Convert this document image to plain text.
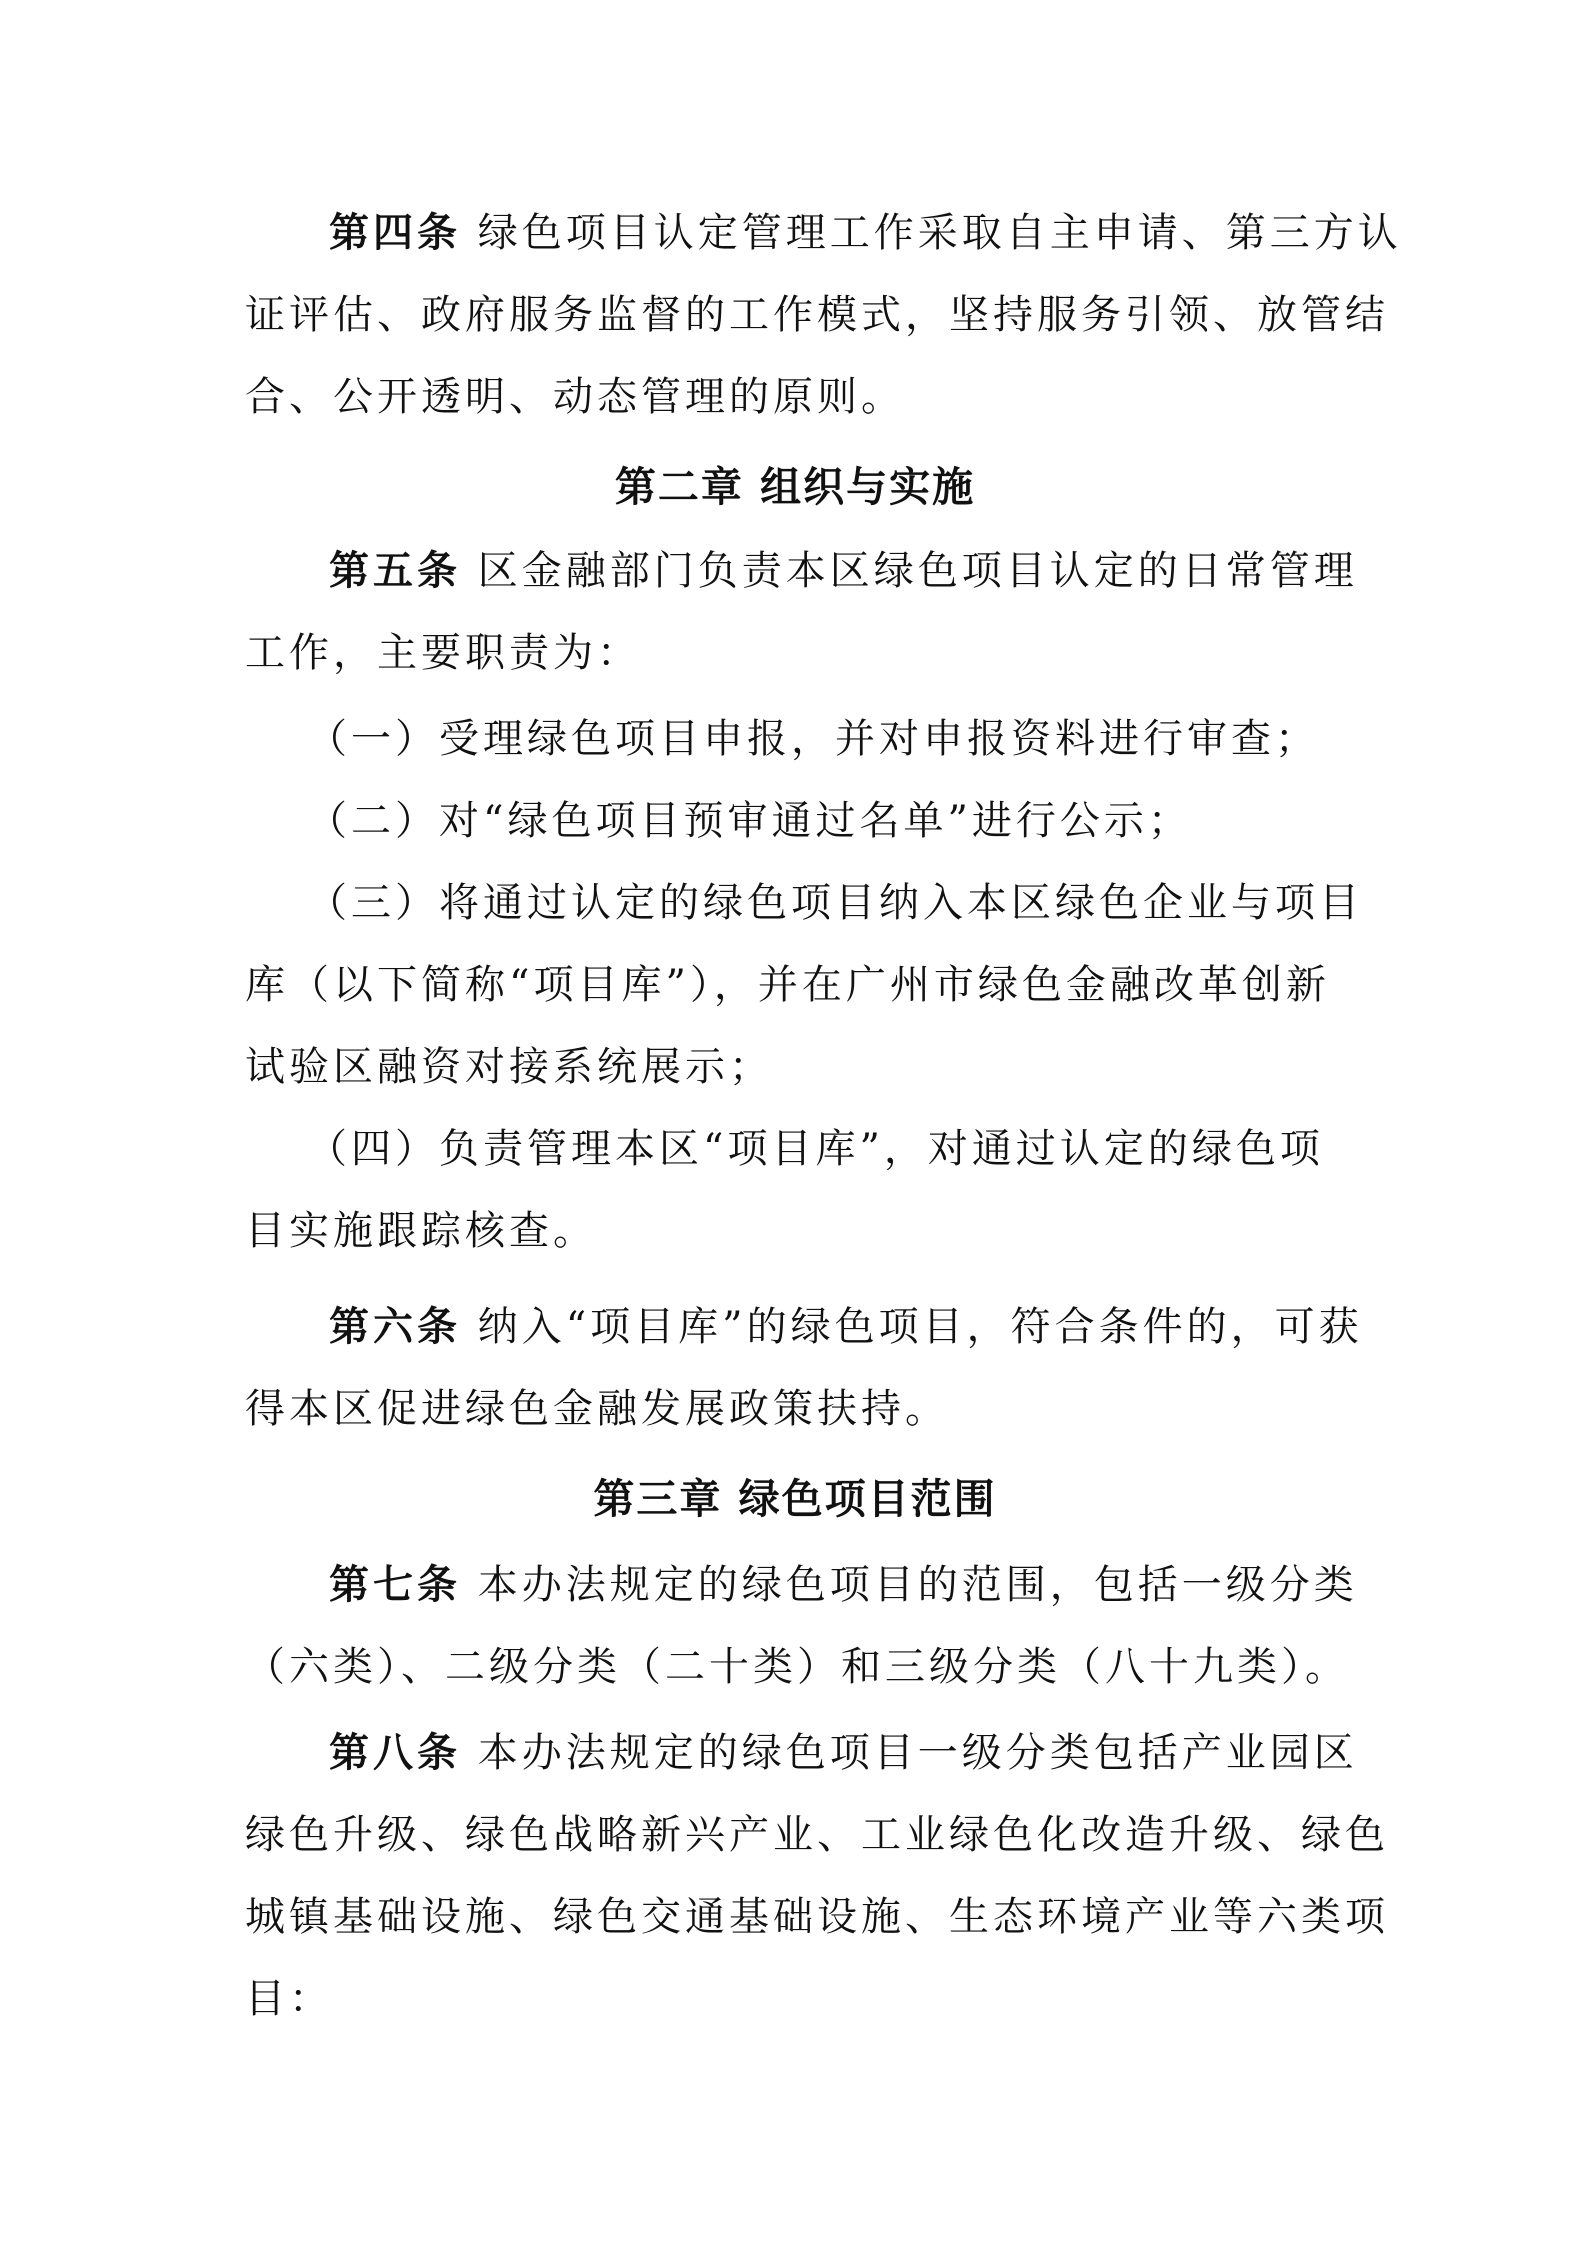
第四条 绿色项目认定管理工作采取自主申请、第三方认
证评估、政府服务监督的工作模式，坚持服务引领、放管结
合、公开透明、动态管理的原则。
第二章 组织与实施
第五条 区金融部门负责本区绿色项目认定的日常管理
工作，主要职责为：
（一）受理绿色项目申报，并对申报资料进行审查；
（二）对“绿色项目预审通过名单”进行公示；
（三）将通过认定的绿色项目纳入本区绿色企业与项目
库（以下简称“项目库”），并在广州市绿色金融改革创新
试验区融资对接系统展示；
（四）负责管理本区“项目库”，对通过认定的绿色项
目实施跟踪核查。
第六条 纳入“项目库”的绿色项目，符合条件的，可获
得本区促进绿色金融发展政策扶持。
第三章 绿色项目范围
第七条 本办法规定的绿色项目的范围，包括一级分类
（六类）、二级分类（二十类）和三级分类（八十九类）。
第八条 本办法规定的绿色项目一级分类包括产业园区
绿色升级、绿色战略新兴产业、工业绿色化改造升级、绿色
城镇基础设施、绿色交通基础设施、生态环境产业等六类项
目：
